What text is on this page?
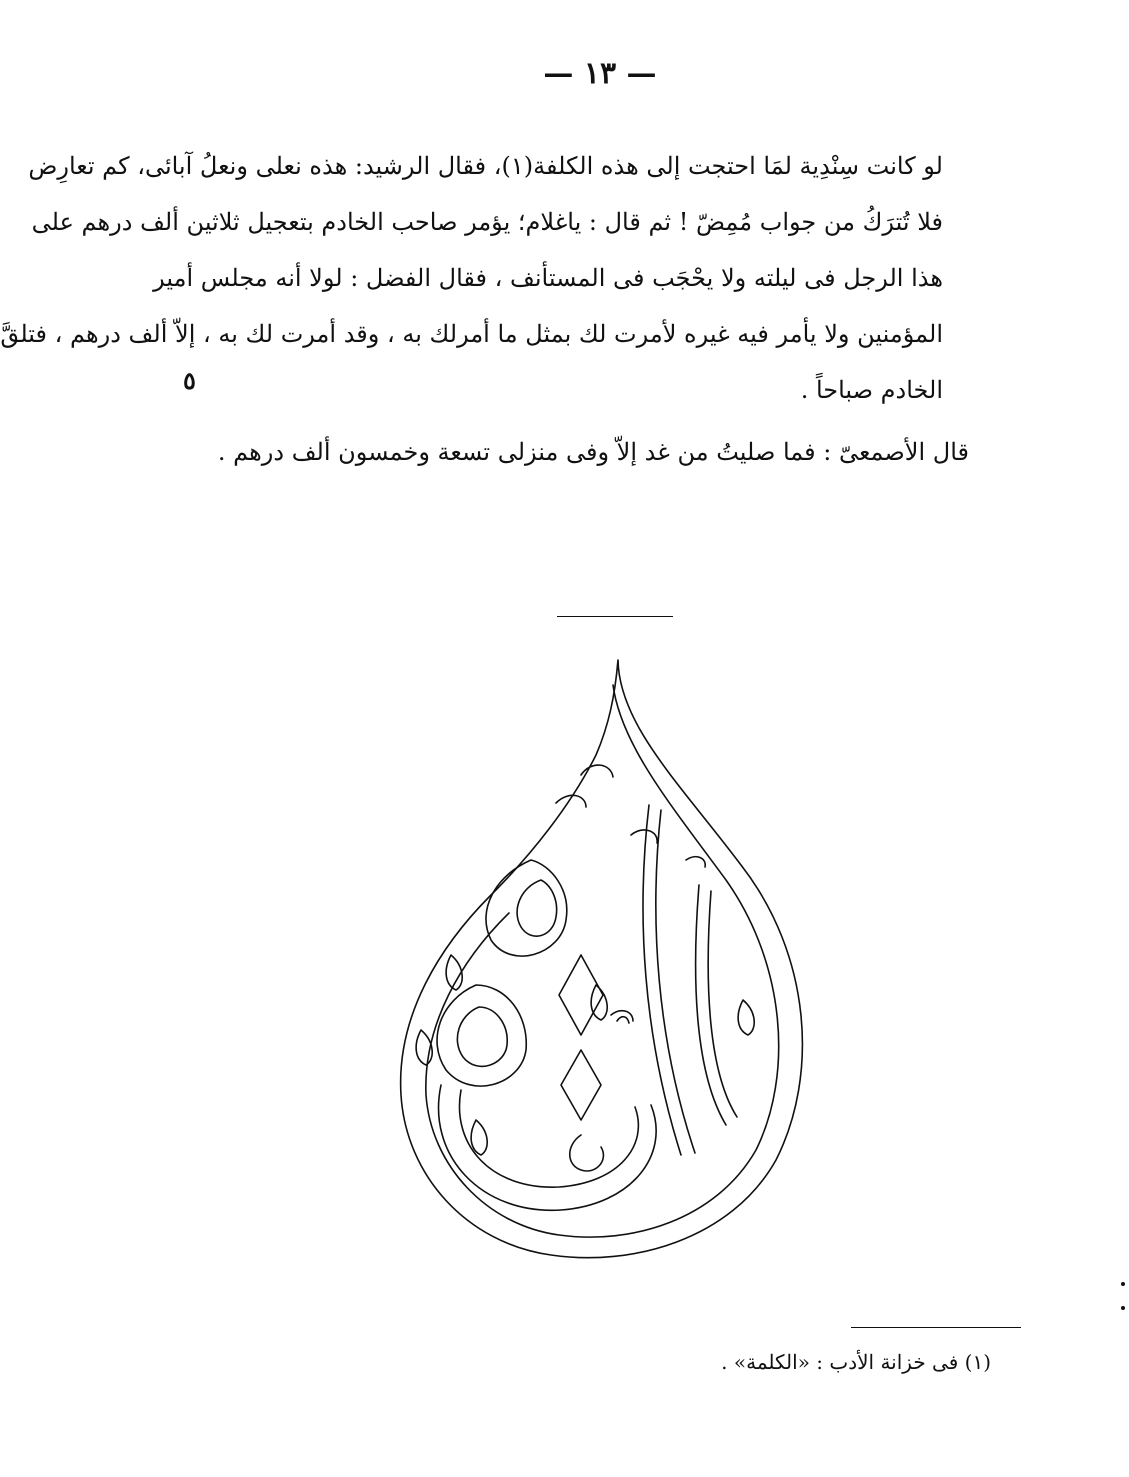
— ١٣ —
لو كانت سِنْدِية لمَا احتجت إلى هذه الكلفة(١)، فقال الرشيد: هذه نعلى ونعلُ آبائى، كم تعارِض
فلا تُترَكُ من جواب مُمِضّ ! ثم قال : ياغلام؛ يؤمر صاحب الخادم بتعجيل ثلاثين ألف درهم على
هذا الرجل فى ليلته ولا يحْجَب فى المستأنف ، فقال الفضل : لولا أنه مجلس أمير
المؤمنين ولا يأمر فيه غيره لأمرت لك بمثل ما أمرلك به ، وقد أمرت لك به ، إلاّ ألف درهم ، فتلقَّ
الخادم صباحاً .
٥
قال الأصمعىّ : فما صليتُ من غد إلاّ وفى منزلى تسعة وخمسون ألف درهم .
(١) فى خزانة الأدب : «الكلمة» .
